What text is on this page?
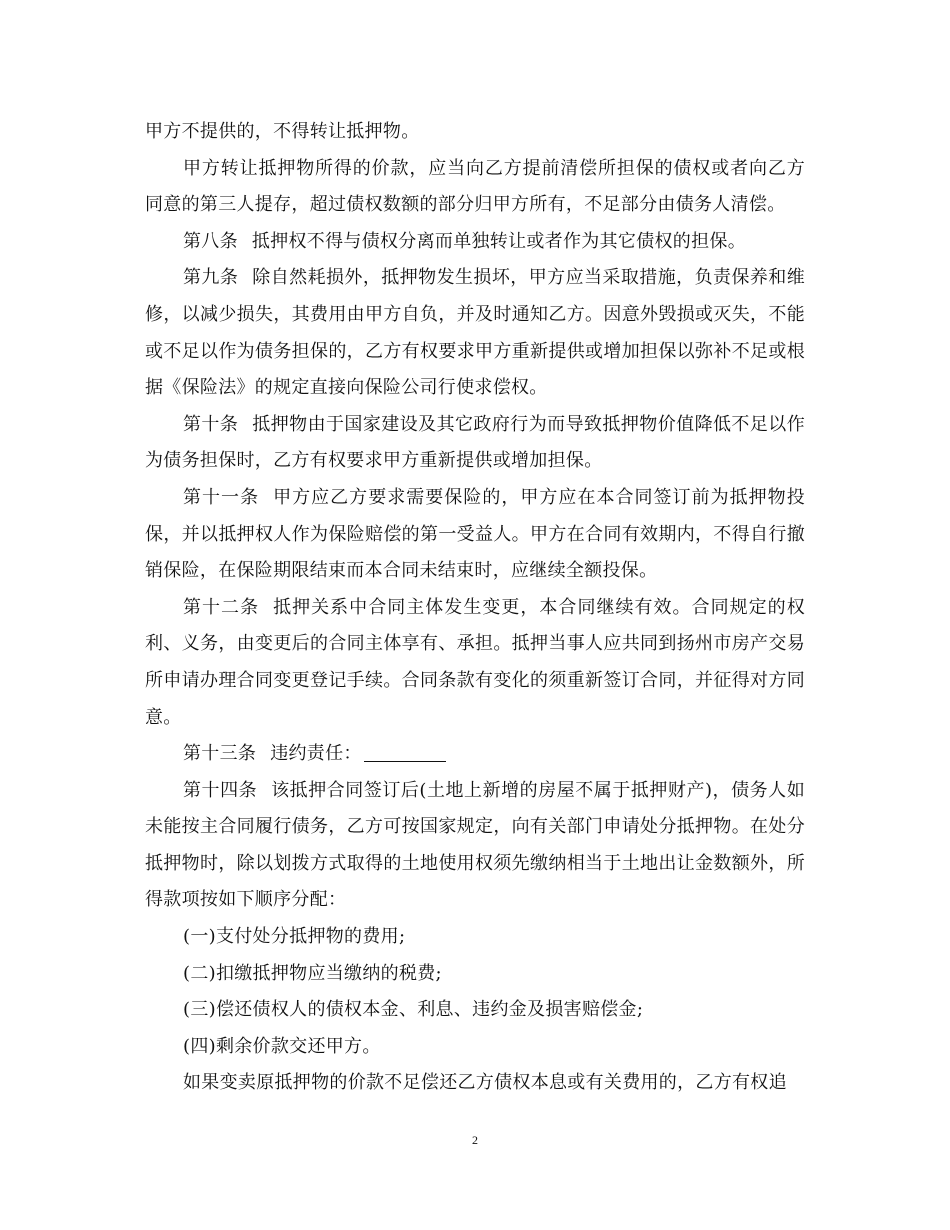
甲方不提供的，不得转让抵押物。

甲方转让抵押物所得的价款，应当向乙方提前清偿所担保的债权或者向乙方同意的第三人提存，超过债权数额的部分归甲方所有，不足部分由债务人清偿。

第八条 抵押权不得与债权分离而单独转让或者作为其它债权的担保。

第九条 除自然耗损外，抵押物发生损坏，甲方应当采取措施，负责保养和维修，以减少损失，其费用由甲方自负，并及时通知乙方。因意外毁损或灭失，不能或不足以作为债务担保的，乙方有权要求甲方重新提供或增加担保以弥补不足或根据《保险法》的规定直接向保险公司行使求偿权。

第十条 抵押物由于国家建设及其它政府行为而导致抵押物价值降低不足以作为债务担保时，乙方有权要求甲方重新提供或增加担保。

第十一条 甲方应乙方要求需要保险的，甲方应在本合同签订前为抵押物投保，并以抵押权人作为保险赔偿的第一受益人。甲方在合同有效期内，不得自行撤销保险，在保险期限结束而本合同未结束时，应继续全额投保。

第十二条 抵押关系中合同主体发生变更，本合同继续有效。合同规定的权利、义务，由变更后的合同主体享有、承担。抵押当事人应共同到扬州市房产交易所申请办理合同变更登记手续。合同条款有变化的须重新签订合同，并征得对方同意。

第十三条 违约责任：

第十四条 该抵押合同签订后(土地上新增的房屋不属于抵押财产)，债务人如未能按主合同履行债务，乙方可按国家规定，向有关部门申请处分抵押物。在处分抵押物时，除以划拨方式取得的土地使用权须先缴纳相当于土地出让金数额外，所得款项按如下顺序分配：

(一)支付处分抵押物的费用;

(二)扣缴抵押物应当缴纳的税费;

(三)偿还债权人的债权本金、利息、违约金及损害赔偿金;

(四)剩余价款交还甲方。

如果变卖原抵押物的价款不足偿还乙方债权本息或有关费用的，乙方有权追

2
